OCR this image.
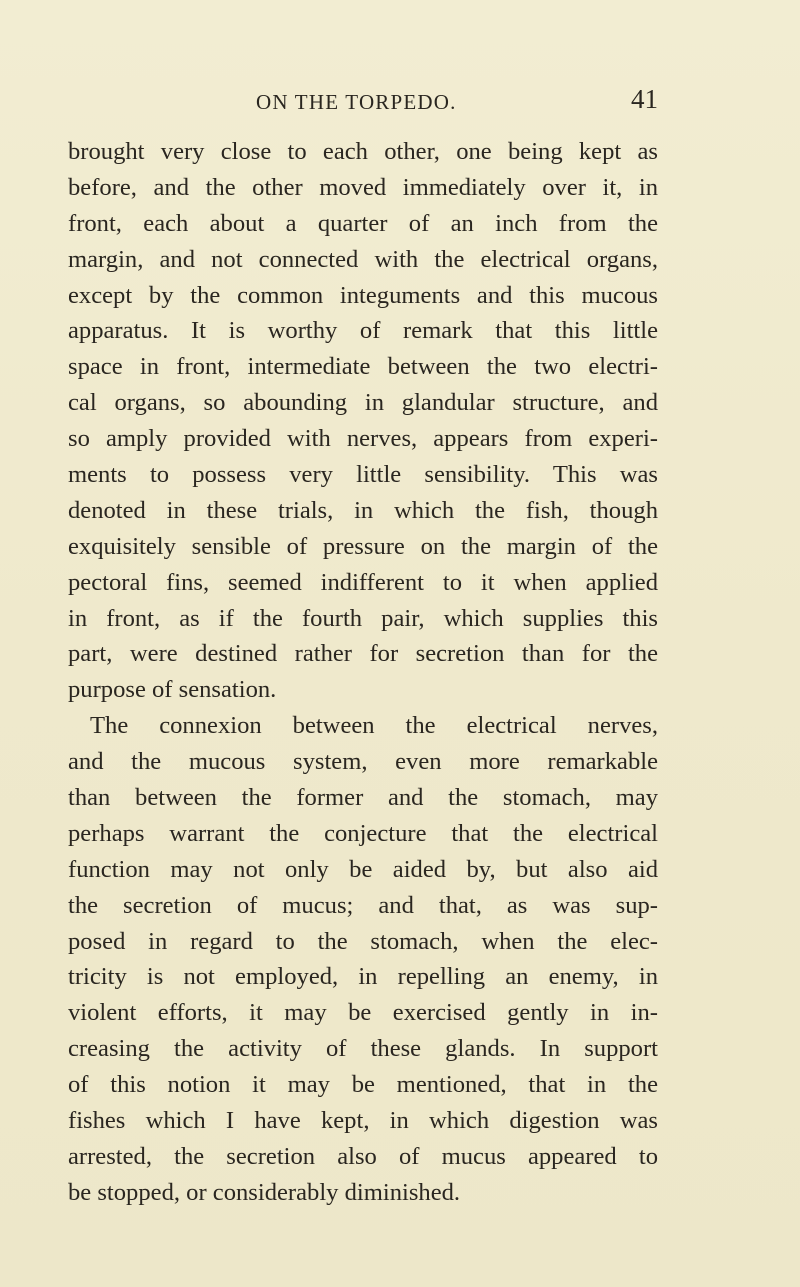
ON THE TORPEDO.	41
brought very close to each other, one being kept as
before, and the other moved immediately over it, in
front, each about a quarter of an inch from the
margin, and not connected with the electrical organs,
except by the common integuments and this mucous
apparatus. It is worthy of remark that this little
space in front, intermediate between the two electri-
cal organs, so abounding in glandular structure, and
so amply provided with nerves, appears from experi-
ments to possess very little sensibility. This was
denoted in these trials, in which the fish, though
exquisitely sensible of pressure on the margin of the
pectoral fins, seemed indifferent to it when applied
in front, as if the fourth pair, which supplies this
part, were destined rather for secretion than for the
purpose of sensation.
The connexion between the electrical nerves,
and the mucous system, even more remarkable
than between the former and the stomach, may
perhaps warrant the conjecture that the electrical
function may not only be aided by, but also aid
the secretion of mucus; and that, as was sup-
posed in regard to the stomach, when the elec-
tricity is not employed, in repelling an enemy, in
violent efforts, it may be exercised gently in in-
creasing the activity of these glands. In support
of this notion it may be mentioned, that in the
fishes which I have kept, in which digestion was
arrested, the secretion also of mucus appeared to
be stopped, or considerably diminished.
